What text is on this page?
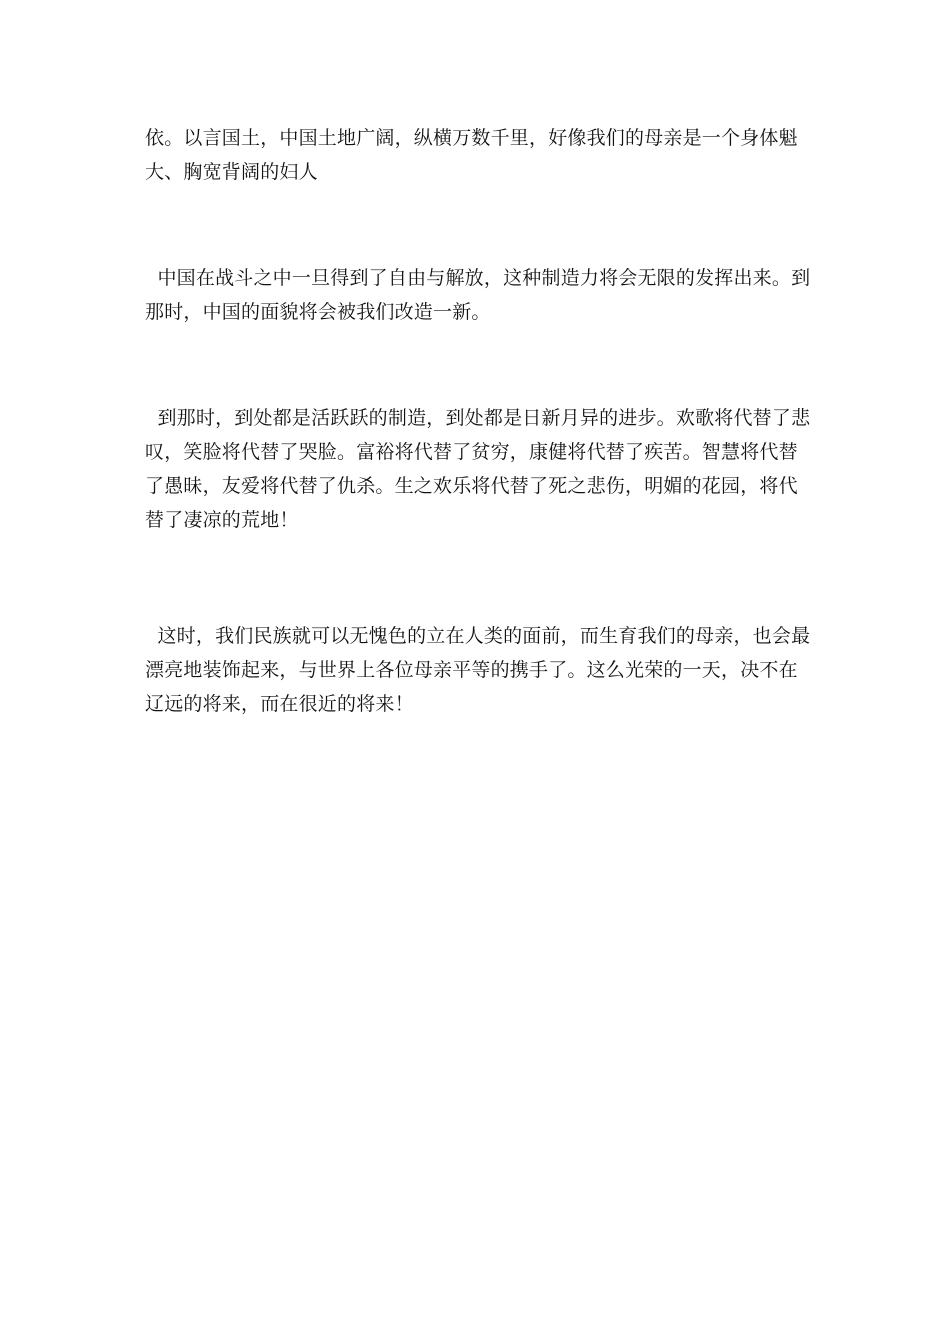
依。以言国土，中国土地广阔，纵横万数千里，好像我们的母亲是一个身体魁
大、胸宽背阔的妇人

中国在战斗之中一旦得到了自由与解放，这种制造力将会无限的发挥出来。到
那时，中国的面貌将会被我们改造一新。

到那时，到处都是活跃跃的制造，到处都是日新月异的进步。欢歌将代替了悲
叹，笑脸将代替了哭脸。富裕将代替了贫穷，康健将代替了疾苦。智慧将代替
了愚昧，友爱将代替了仇杀。生之欢乐将代替了死之悲伤，明媚的花园，将代
替了凄凉的荒地！

这时，我们民族就可以无愧色的立在人类的面前，而生育我们的母亲，也会最
漂亮地装饰起来，与世界上各位母亲平等的携手了。这么光荣的一天，决不在
辽远的将来，而在很近的将来！
